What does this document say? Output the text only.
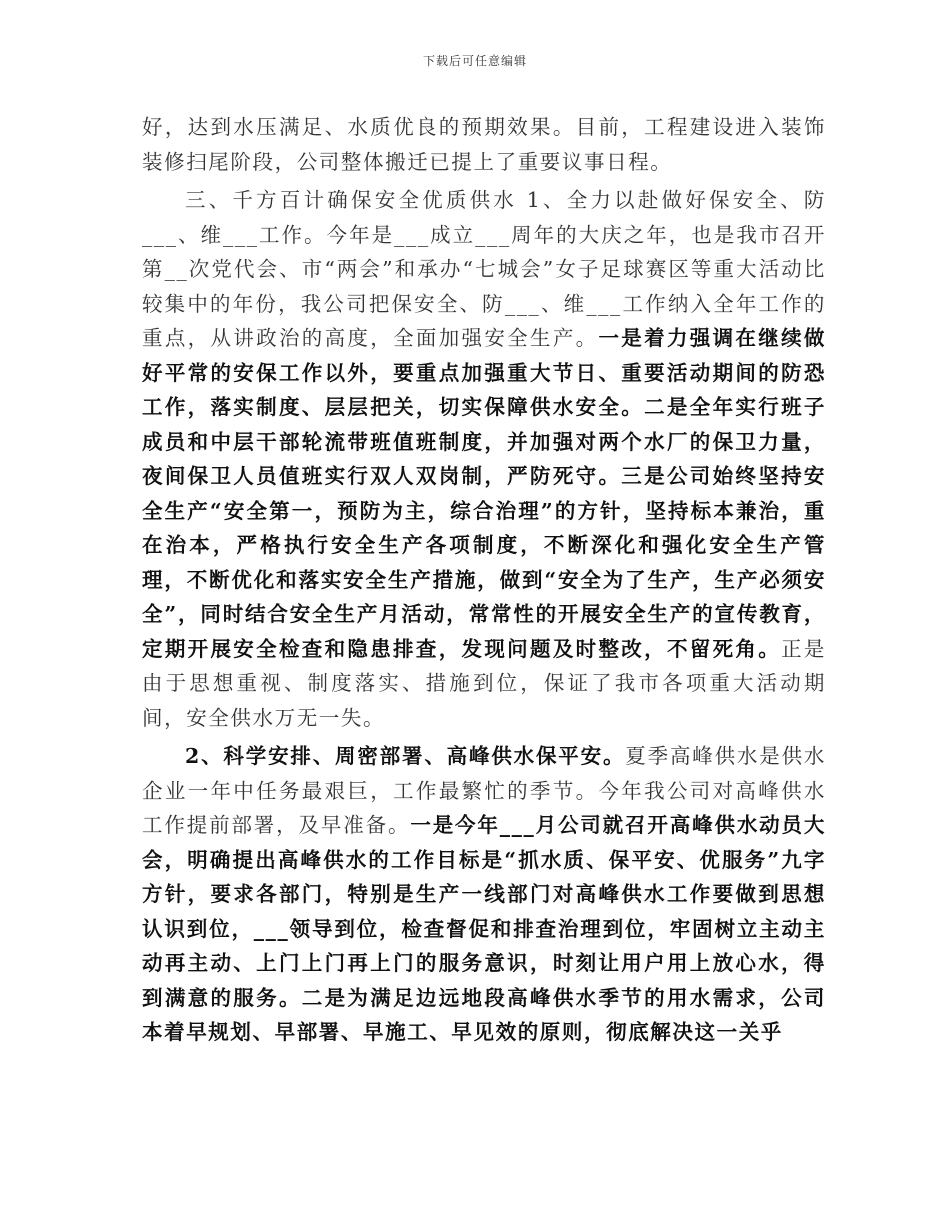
下载后可任意编辑

好，达到水压满足、水质优良的预期效果。目前，工程建设进入装饰装修扫尾阶段，公司整体搬迁已提上了重要议事日程。

三、千方百计确保安全优质供水 1、全力以赴做好保安全、防___、维___工作。今年是___成立___周年的大庆之年，也是我市召开第__次党代会、市“两会”和承办“七城会”女子足球赛区等重大活动比较集中的年份，我公司把保安全、防___、维___工作纳入全年工作的重点，从讲政治的高度，全面加强安全生产。一是着力强调在继续做好平常的安保工作以外，要重点加强重大节日、重要活动期间的防恐工作，落实制度、层层把关，切实保障供水安全。二是全年实行班子成员和中层干部轮流带班值班制度，并加强对两个水厂的保卫力量，夜间保卫人员值班实行双人双岗制，严防死守。三是公司始终坚持安全生产“安全第一，预防为主，综合治理”的方针，坚持标本兼治，重在治本，严格执行安全生产各项制度，不断深化和强化安全生产管理，不断优化和落实安全生产措施，做到“安全为了生产，生产必须安全”，同时结合安全生产月活动，常常性的开展安全生产的宣传教育，定期开展安全检查和隐患排查，发现问题及时整改，不留死角。正是由于思想重视、制度落实、措施到位，保证了我市各项重大活动期间，安全供水万无一失。

2、科学安排、周密部署、高峰供水保平安。夏季高峰供水是供水企业一年中任务最艰巨，工作最繁忙的季节。今年我公司对高峰供水工作提前部署，及早准备。一是今年___月公司就召开高峰供水动员大会，明确提出高峰供水的工作目标是“抓水质、保平安、优服务”九字方针，要求各部门，特别是生产一线部门对高峰供水工作要做到思想认识到位，___领导到位，检查督促和排查治理到位，牢固树立主动主动再主动、上门上门再上门的服务意识，时刻让用户用上放心水，得到满意的服务。二是为满足边远地段高峰供水季节的用水需求，公司本着早规划、早部署、早施工、早见效的原则，彻底解决这一关乎
